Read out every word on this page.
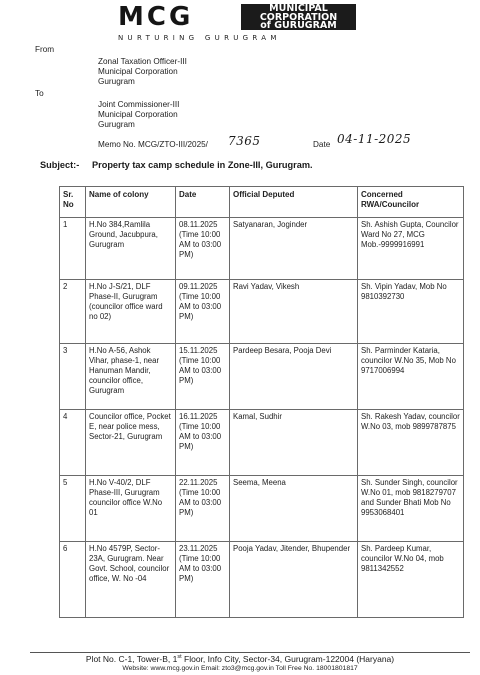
MCG	MUNICIPAL
CORPORATION
of GURUGRAM
NURTURING GURUGRAM
From
Zonal Taxation Officer-III
Municipal Corporation
Gurugram
To
Joint Commissioner-III
Municipal Corporation
Gurugram
Memo No. MCG/ZTO-III/2025/ 7365	Date 04-11-2025
Subject:- Property tax camp schedule in Zone-III, Gurugram.
Sr. No	Name of colony	Date	Official Deputed	Concerned RWA/Councilor
1	H.No 384,Ramlila Ground, Jacubpura, Gurugram	08.11.2025 (Time 10:00 AM to 03:00 PM)	Satyanaran, Joginder	Sh. Ashish Gupta, Councilor Ward No 27, MCG Mob.-9999916991
2	H.No J-S/21, DLF Phase-II, Gurugram (councilor office ward no 02)	09.11.2025 (Time 10:00 AM to 03:00 PM)	Ravi Yadav, Vikesh	Sh. Vipin Yadav, Mob No 9810392730
3	H.No A-56, Ashok Vihar, phase-1, near Hanuman Mandir, councilor office, Gurugram	15.11.2025 (Time 10:00 AM to 03:00 PM)	Pardeep Besara, Pooja Devi	Sh. Parminder Kataria, councilor W.No 35, Mob No 9717006994
4	Councilor office, Pocket E, near police mess, Sector-21, Gurugram	16.11.2025 (Time 10:00 AM to 03:00 PM)	Kamal, Sudhir	Sh. Rakesh Yadav, councilor W.No 03, mob 9899787875
5	H.No V-40/2, DLF Phase-III, Gurugram councilor office W.No 01	22.11.2025 (Time 10:00 AM to 03:00 PM)	Seema, Meena	Sh. Sunder Singh, councilor W.No 01, mob 9818279707 and Sunder Bhati Mob No 9953068401
6	H.No 4579P, Sector-23A, Gurugram. Near Govt. School, councilor office, W. No -04	23.11.2025 (Time 10:00 AM to 03:00 PM)	Pooja Yadav, Jitender, Bhupender	Sh. Pardeep Kumar, councilor W.No 04, mob 9811342552
Plot No. C-1, Tower-B, 1st Floor, Info City, Sector-34, Gurugram-122004 (Haryana)
Website: www.mcg.gov.in Email: zto3@mcg.gov.in Toll Free No. 18001801817
